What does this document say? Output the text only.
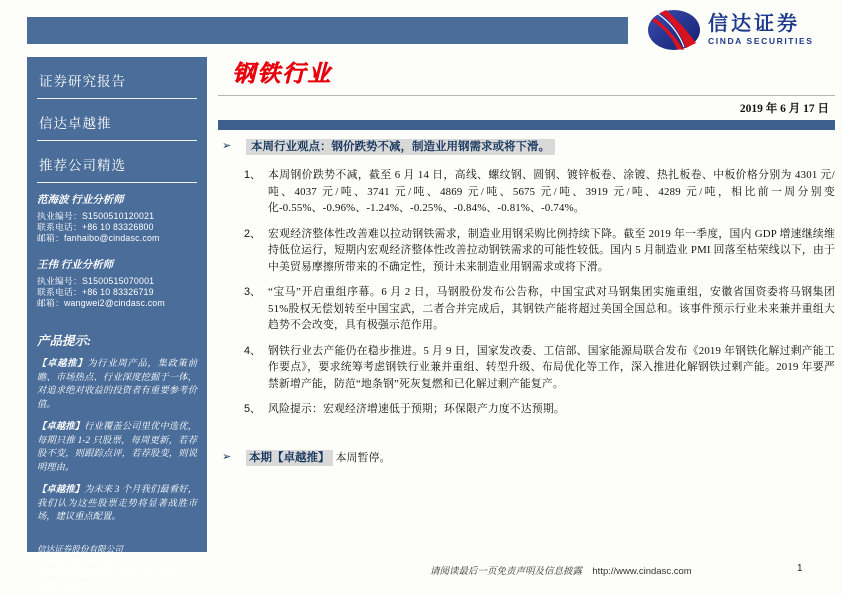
信达证券
CINDA SECURITIES
证券研究报告
信达卓越推
推荐公司精选
范海波 行业分析师
执业编号：S1500510120021
联系电话：+86 10 83326800
邮箱：fanhaibo@cindasc.com
王伟 行业分析师
执业编号：S1500515070001
联系电话：+86 10 83326719
邮箱：wangwei2@cindasc.com
产品提示:
【卓越推】为行业周产品，集政策前瞻、市场热点、行业深度挖掘于一体，对追求绝对收益的投资者有重要参考价值。
【卓越推】行业覆盖公司里优中选优，每期只推 1-2 只股票，每周更新，若荐股不变，则跟踪点评，若荐股变，则说明理由。
【卓越推】为未来 3 个月我们最看好，我们认为这些股票走势将显著战胜市场，建议重点配置。
信达证券股份有限公司
CINDA SECURITIES CO.,LTD
北京市西城区闹市口大街9号院1号楼
邮编：100031
钢铁行业
2019 年 6 月 17 日
➢	本周行业观点：钢价跌势不减，制造业用钢需求或将下滑。
1、 本周钢价跌势不减，截至 6 月 14 日，高线、螺纹钢、圆钢、镀锌板卷、涂镀、热扎板卷、中板价格分别为 4301 元/吨、4037 元/吨、3741 元/吨、4869 元/吨、5675 元/吨、3919 元/吨、4289 元/吨，相比前一周分别变化-0.55%、-0.96%、-1.24%、-0.25%、-0.84%、-0.81%、-0.74%。
2、 宏观经济整体性改善难以拉动钢铁需求，制造业用钢采购比例持续下降。截至 2019 年一季度，国内 GDP 增速继续维持低位运行，短期内宏观经济整体性改善拉动钢铁需求的可能性较低。国内 5 月制造业 PMI 回落至枯荣线以下，由于中美贸易摩擦所带来的不确定性，预计未来制造业用钢需求或将下滑。
3、 “宝马”开启重组序幕。6 月 2 日，马钢股份发布公告称，中国宝武对马钢集团实施重组，安徽省国资委将马钢集团 51%股权无偿划转至中国宝武，二者合并完成后，其钢铁产能将超过美国全国总和。该事件预示行业未来兼并重组大趋势不会改变，具有极强示范作用。
4、 钢铁行业去产能仍在稳步推进。5 月 9 日，国家发改委、工信部、国家能源局联合发布《2019 年钢铁化解过剩产能工作要点》，要求统筹考虑钢铁行业兼并重组、转型升级、布局优化等工作，深入推进化解钢铁过剩产能。2019 年要严禁新增产能，防范“地条钢”死灰复燃和已化解过剩产能复产。
5、 风险提示：宏观经济增速低于预期；环保限产力度不达预期。
➢	本期【卓越推】 本周暂停。
请阅读最后一页免责声明及信息披露 http://www.cindasc.com	1
